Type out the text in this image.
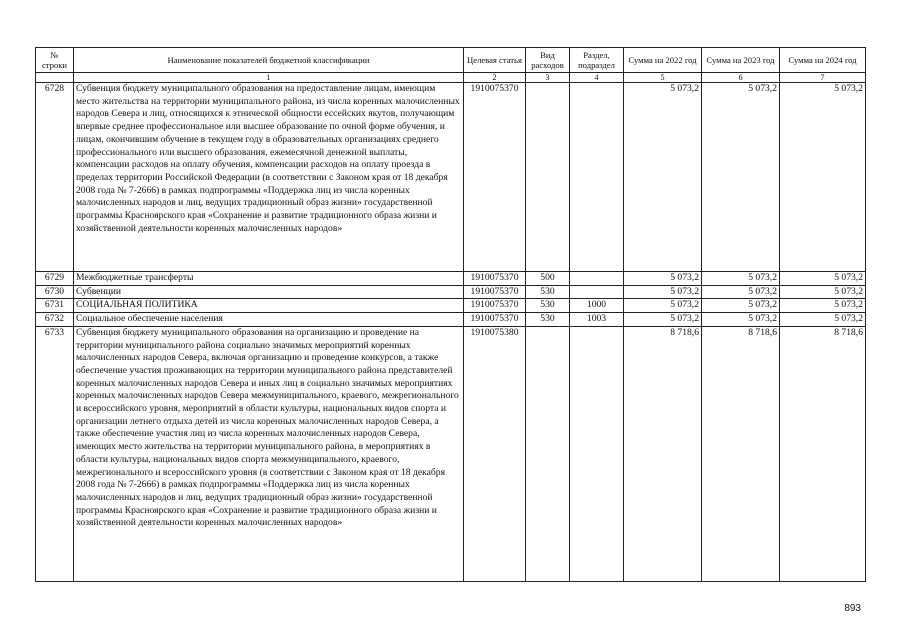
№ строки	Наименование показателей бюджетной классификации	Целевая статья	Вид расходов	Раздел, подраздел	Сумма на 2022 год	Сумма на 2023 год	Сумма на 2024 год
	1	2	3	4	5	6	7
6728	Субвенция бюджету муниципального образования на предоставление лицам, имеющим место жительства на территории муниципального района, из числа коренных малочисленных народов Севера и лиц, относящихся к этнической общности ессейских якутов, получающим впервые среднее профессиональное или высшее образование по очной форме обучения, и лицам, окончившим обучение в текущем году в образовательных организациях среднего профессионального или высшего образования, ежемесячной денежной выплаты, компенсации расходов на оплату обучения, компенсации расходов на оплату проезда в пределах территории Российской Федерации (в соответствии с Законом края от 18 декабря 2008 года № 7-2666) в рамках подпрограммы «Поддержка лиц из числа коренных малочисленных народов и лиц, ведущих традиционный образ жизни» государственной программы Красноярского края «Сохранение и развитие традиционного образа жизни и хозяйственной деятельности коренных малочисленных народов»	1910075370			5 073,2	5 073,2	5 073,2
6729	Межбюджетные трансферты	1910075370	500		5 073,2	5 073,2	5 073,2
6730	Субвенции	1910075370	530		5 073,2	5 073,2	5 073,2
6731	СОЦИАЛЬНАЯ ПОЛИТИКА	1910075370	530	1000	5 073,2	5 073,2	5 073,2
6732	Социальное обеспечение населения	1910075370	530	1003	5 073,2	5 073,2	5 073,2
6733	Субвенция бюджету муниципального образования на организацию и проведение на территории муниципального района социально значимых мероприятий коренных малочисленных народов Севера, включая организацию и проведение конкурсов, а также обеспечение участия проживающих на территории муниципального района представителей коренных малочисленных народов Севера и иных лиц в социально значимых мероприятиях коренных малочисленных народов Севера межмуниципального, краевого, межрегионального и всероссийского уровня, мероприятий в области культуры, национальных видов спорта и организации летнего отдыха детей из числа коренных малочисленных народов Севера, а также обеспечение участия лиц из числа коренных малочисленных народов Севера, имеющих место жительства на территории муниципального района, в мероприятиях в области культуры, национальных видов спорта межмуниципального, краевого, межрегионального и всероссийского уровня (в соответствии с Законом края от 18 декабря 2008 года № 7-2666) в рамках подпрограммы «Поддержка лиц из числа коренных малочисленных народов и лиц, ведущих традиционный образ жизни» государственной программы Красноярского края «Сохранение и развитие традиционного образа жизни и хозяйственной деятельности коренных малочисленных народов»	1910075380			8 718,6	8 718,6	8 718,6
893
